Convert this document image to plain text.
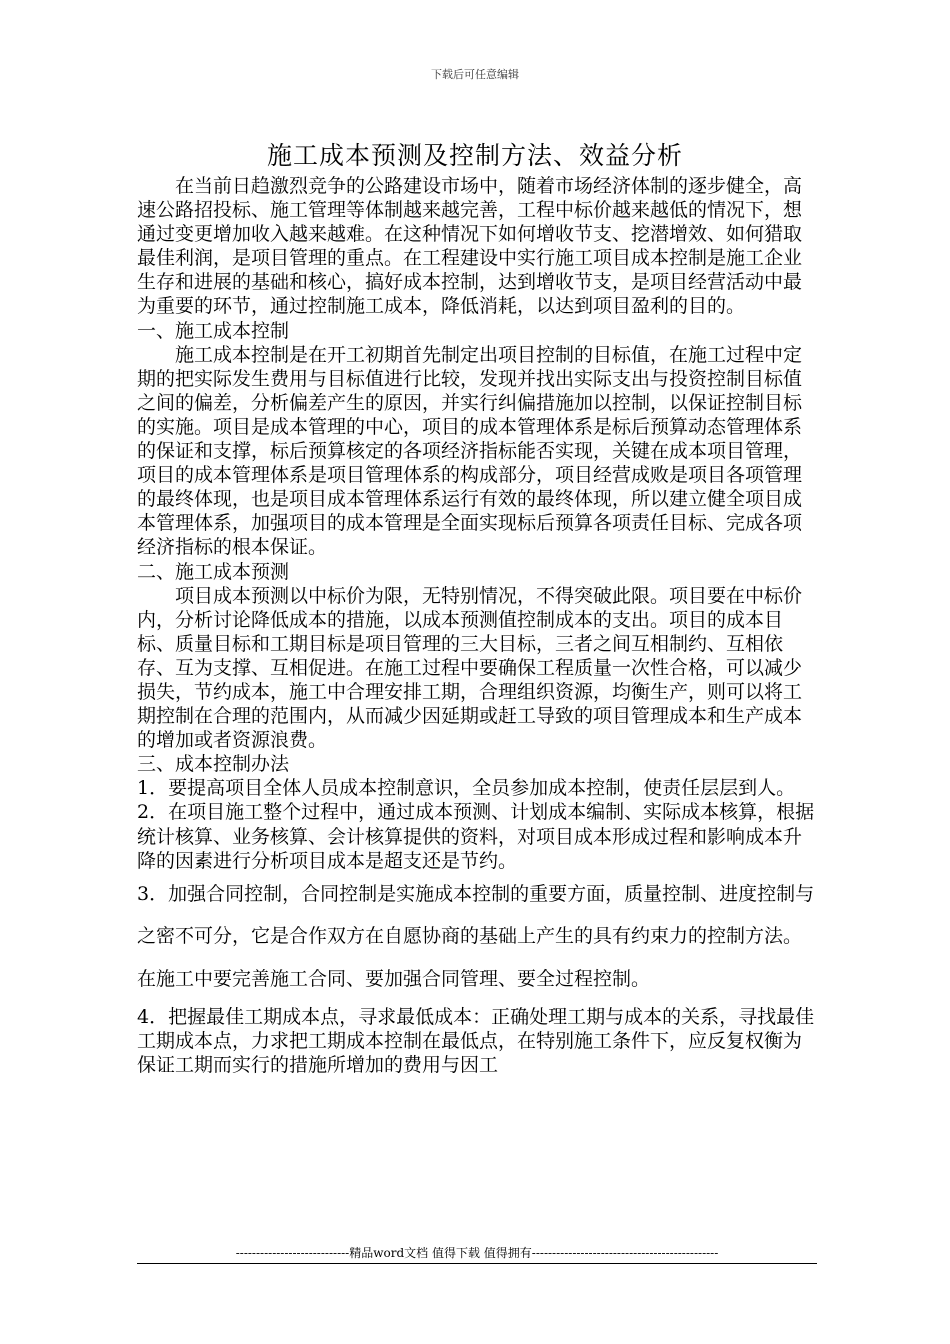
下载后可任意编辑
施工成本预测及控制方法、效益分析

在当前日趋激烈竞争的公路建设市场中，随着市场经济体制的逐步健全，高速公路招投标、施工管理等体制越来越完善，工程中标价越来越低的情况下，想通过变更增加收入越来越难。在这种情况下如何增收节支、挖潜增效、如何猎取最佳利润，是项目管理的重点。在工程建设中实行施工项目成本控制是施工企业生存和进展的基础和核心，搞好成本控制，达到增收节支，是项目经营活动中最为重要的环节，通过控制施工成本，降低消耗，以达到项目盈利的目的。

一、施工成本控制

施工成本控制是在开工初期首先制定出项目控制的目标值，在施工过程中定期的把实际发生费用与目标值进行比较，发现并找出实际支出与投资控制目标值之间的偏差，分析偏差产生的原因，并实行纠偏措施加以控制，以保证控制目标的实施。项目是成本管理的中心，项目的成本管理体系是标后预算动态管理体系的保证和支撑，标后预算核定的各项经济指标能否实现，关键在成本项目管理，项目的成本管理体系是项目管理体系的构成部分，项目经营成败是项目各项管理的最终体现，也是项目成本管理体系运行有效的最终体现，所以建立健全项目成本管理体系，加强项目的成本管理是全面实现标后预算各项责任目标、完成各项经济指标的根本保证。

二、施工成本预测

项目成本预测以中标价为限，无特别情况，不得突破此限。项目要在中标价内，分析讨论降低成本的措施，以成本预测值控制成本的支出。项目的成本目标、质量目标和工期目标是项目管理的三大目标，三者之间互相制约、互相依存、互为支撑、互相促进。在施工过程中要确保工程质量一次性合格，可以减少损失，节约成本，施工中合理安排工期，合理组织资源，均衡生产，则可以将工期控制在合理的范围内，从而减少因延期或赶工导致的项目管理成本和生产成本的增加或者资源浪费。

三、成本控制办法

1．要提高项目全体人员成本控制意识，全员参加成本控制，使责任层层到人。

2．在项目施工整个过程中，通过成本预测、计划成本编制、实际成本核算，根据统计核算、业务核算、会计核算提供的资料，对项目成本形成过程和影响成本升降的因素进行分析项目成本是超支还是节约。

3．加强合同控制，合同控制是实施成本控制的重要方面，质量控制、进度控制与之密不可分，它是合作双方在自愿协商的基础上产生的具有约束力的控制方法。在施工中要完善施工合同、要加强合同管理、要全过程控制。

4．把握最佳工期成本点，寻求最低成本：正确处理工期与成本的关系，寻找最佳工期成本点，力求把工期成本控制在最低点，在特别施工条件下，应反复权衡为保证工期而实行的措施所增加的费用与因工

----------------------------精品word文档 值得下载 值得拥有----------------------------------------------
